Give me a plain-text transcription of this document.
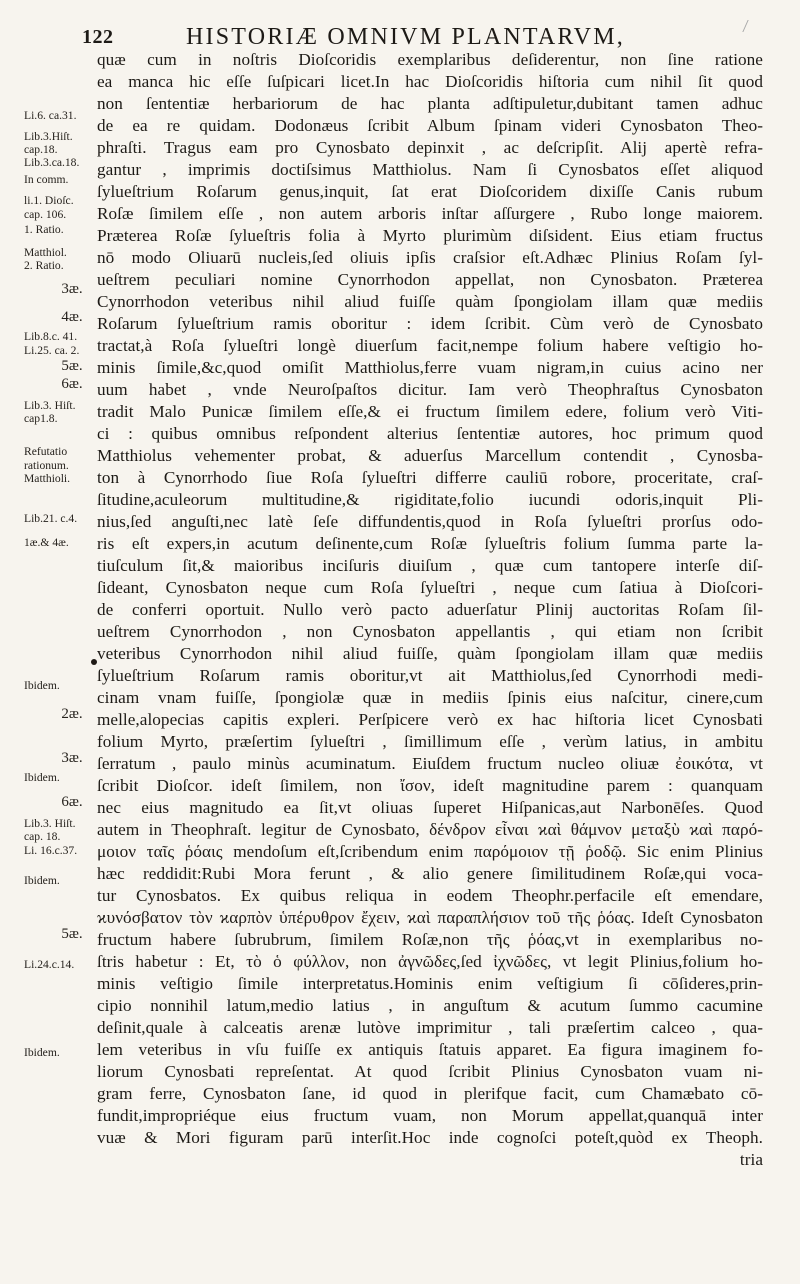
122	HISTORIÆ OMNIVM PLANTARVM,
Li.6. ca.31.
Lib.3.Hiſt.
cap.18.
Lib.3.ca.18.
In comm.
li.1. Dioſc.
cap. 106.
1. Ratio.
Matthiol.
2. Ratio.
3æ.
4æ.
Lib.8.c. 41.
Li.25. ca. 2.
5æ.
6æ.
Lib.3. Hiſt.
cap1.8.
Refutatio
rationum.
Matthioli.
Lib.21. c.4.
1æ.& 4æ.
Ibidem.
2æ.
3æ.
Ibidem.
6æ.
Lib.3. Hiſt.
cap. 18.
Li. 16.c.37.
Ibidem.
5æ.
Li.24.c.14.
Ibidem.
quæ cum in noſtris Dioſcoridis exemplaribus deſiderentur, non ſine ratione
ea manca hic eſſe ſuſpicari licet.In hac Dioſcoridis hiſtoria cum nihil ſit quod
non ſententiæ herbariorum de hac planta adſtipuletur,dubitant tamen adhuc
de ea re quidam. Dodonæus ſcribit Album ſpinam videri Cynosbaton Theo-
phraſti. Tragus eam pro Cynosbato depinxit , ac deſcripſit. Alij apertè refra-
gantur , imprimis doctiſsimus Matthiolus. Nam ſi Cynosbatos eſſet aliquod
ſylueſtrium Roſarum genus,inquit, ſat erat Dioſcoridem dixiſſe Canis rubum
Roſæ ſimilem eſſe , non autem arboris inſtar aſſurgere , Rubo longe maiorem.
Præterea Roſæ ſylueſtris folia à Myrto plurimùm diſsident. Eius etiam fructus
nō modo Oliuarū nucleis,ſed oliuis ipſis craſsior eſt.Adhæc Plinius Roſam ſyl-
ueſtrem peculiari nomine Cynorrhodon appellat, non Cynosbaton. Præterea
Cynorrhodon veteribus nihil aliud fuiſſe quàm ſpongiolam illam quæ mediis
Roſarum ſylueſtrium ramis oboritur : idem ſcribit. Cùm verò de Cynosbato
tractat,à Roſa ſylueſtri longè diuerſum facit,nempe folium habere veſtigio ho-
minis ſimile,&c,quod omiſit Matthiolus,ferre vuam nigram,in cuius acino ner
uum habet , vnde Neuroſpaſtos dicitur. Iam verò Theophraſtus Cynosbaton
tradit Malo Punicæ ſimilem eſſe,& ei fructum ſimilem edere, folium verò Viti-
ci : quibus omnibus reſpondent alterius ſententiæ autores, hoc primum quod
Matthiolus vehementer probat, & aduerſus Marcellum contendit , Cynosba-
ton à Cynorrhodo ſiue Roſa ſylueſtri differre cauliū robore, proceritate, craſ-
ſitudine,aculeorum multitudine,& rigiditate,folio iucundi odoris,inquit Pli-
nius,ſed anguſti,nec latè ſeſe diffundentis,quod in Roſa ſylueſtri prorſus odo-
ris eſt expers,in acutum deſinente,cum Roſæ ſylueſtris folium ſumma parte la-
tiuſculum ſit,& maioribus inciſuris diuiſum , quæ cum tantopere interſe diſ-
ſideant, Cynosbaton neque cum Roſa ſylueſtri , neque cum ſatiua à Dioſcori-
de conferri oportuit. Nullo verò pacto aduerſatur Plinij auctoritas Roſam ſil-
ueſtrem Cynorrhodon , non Cynosbaton appellantis , qui etiam non ſcribit
veteribus Cynorrhodon nihil aliud fuiſſe, quàm ſpongiolam illam quæ mediis
ſylueſtrium Roſarum ramis oboritur,vt ait Matthiolus,ſed Cynorrhodi medi-
cinam vnam fuiſſe, ſpongiolæ quæ in mediis ſpinis eius naſcitur, cinere,cum
melle,alopecias capitis expleri. Perſpicere verò ex hac hiſtoria licet Cynosbati
folium Myrto, præſertim ſylueſtri , ſimillimum eſſe , verùm latius, in ambitu
ſerratum , paulo minùs acuminatum. Eiuſdem fructum nucleo oliuæ ἐοικότα, vt
ſcribit Dioſcor. ideſt ſimilem, non ἴσον, ideſt magnitudine parem : quanquam
nec eius magnitudo ea ſit,vt oliuas ſuperet Hiſpanicas,aut Narbonēſes. Quod
autem in Theophraſt. legitur de Cynosbato, δένδρον εἶναι ϰαὶ θάμνον μεταξὺ ϰαὶ παρό-
μοιον ταῖς ῥόαις mendoſum eſt,ſcribendum enim παρόμοιον τῇ ῥοδῷ. Sic enim Plinius
hæc reddidit:Rubi Mora ferunt , & alio genere ſimilitudinem Roſæ,qui voca-
tur Cynosbatos. Ex quibus reliqua in eodem Theophr.perfacile eſt emendare,
ϰυνόσβατον τὸν ϰαρπὸν ὑπέρυθρον ἔχειν, ϰαὶ παραπλήσιον τοῦ τῆς ῥόας. Ideſt Cynosbaton
fructum habere ſubrubrum, ſimilem Roſæ,non τῆς ῥόας,vt in exemplaribus no-
ſtris habetur : Et, τὸ ὁ φύλλον, non ἀγνῶδες,ſed ἰχνῶδες, vt legit Plinius,folium ho-
minis veſtigio ſimile interpretatus.Hominis enim veſtigium ſi cōſideres,prin-
cipio nonnihil latum,medio latius , in anguſtum & acutum ſummo cacumine
deſinit,quale à calceatis arenæ lutòve imprimitur , tali præſertim calceo , qua-
lem veteribus in vſu fuiſſe ex antiquis ſtatuis apparet. Ea figura imaginem fo-
liorum Cynosbati repreſentat. At quod ſcribit Plinius Cynosbaton vuam ni-
gram ferre, Cynosbaton ſane, id quod in plerifque facit, cum Chamæbato cō-
fundit,impropriéque eius fructum vuam, non Morum appellat,quanquā inter
vuæ & Mori figuram parū interſit.Hoc inde cognoſci poteſt,quòd ex Theoph.
tria
